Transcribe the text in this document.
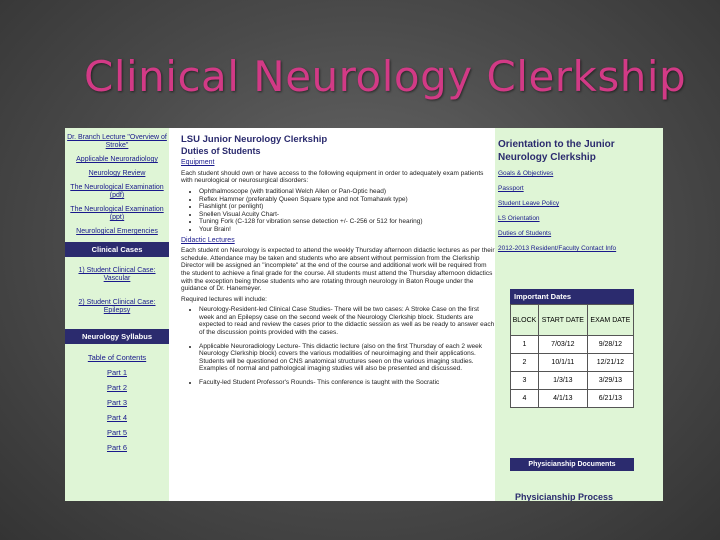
Clinical Neurology Clerkship
Dr. Branch Lecture "Overview of Stroke"
Applicable Neuroradiology
Neurology Review
The Neurological Examination (pdf)
The Neurological Examination (ppt)
Neurological Emergencies
Clinical Cases
1) Student Clinical Case: Vascular
2) Student Clinical Case: Epilepsy
Neurology Syllabus
Table of Contents
Part 1
Part 2
Part 3
Part 4
Part 5
Part 6
LSU Junior Neurology Clerkship
Duties of Students
Equipment

Each student should own or have access to the following equipment in order to adequately exam patients with neurological or neurosurgical disorders:

• Ophthalmoscope (with traditional Welch Allen or Pan-Optic head)
• Reflex Hammer (preferably Queen Square type and not Tomahawk type)
• Flashlight (or penlight)
• Snellen Visual Acuity Chart-
• Tuning Fork (C-128 for vibration sense detection +/- C-256 or 512 for hearing)
• Your Brain!
Didactic Lectures

Each student on Neurology is expected to attend the weekly Thursday afternoon didactic lectures as per their schedule. Attendance may be taken and students who are absent without permission from the Clerkship Director will be assigned an "incomplete" at the end of the course and additional work will be required from the student to achieve a final grade for the course. All students must attend the Thursday afternoon didactics with the exception being those students who are rotating through neurology in Baton Rouge under the guidance of Dr. Hanemeyer.

Required lectures will include:

• Neurology-Resident-led Clinical Case Studies- There will be two cases: A Stroke Case on the first week and an Epilepsy case on the second week of the Neurology Clerkship block. Students are expected to read and review the cases prior to the didactic session as well as be ready to answer each of the discussion points provided with the cases.
• Applicable Neuroradiology Lecture- This didactic lecture (also on the first Thursday of each 2 week Neurology Clerkship block) covers the various modalities of neuroimaging and their applications. Students will be questioned on CNS anatomical structures seen on the various imaging studies. Examples of normal and pathological imaging studies will also be presented and discussed.
• Faculty-led Student Professor's Rounds- This conference is taught with the Socratic
Orientation to the Junior Neurology Clerkship
Goals & Objectives
Passport
Student Leave Policy
LS Orientation
Duties of Students
2012-2013 Resident/Faculty Contact Info
Important Dates
BLOCK	START DATE	EXAM DATE
1	7/03/12	9/28/12
2	10/1/11	12/21/12
3	1/3/13	3/29/13
4	4/1/13	6/21/13
Physicianship Documents
Physicianship Process
